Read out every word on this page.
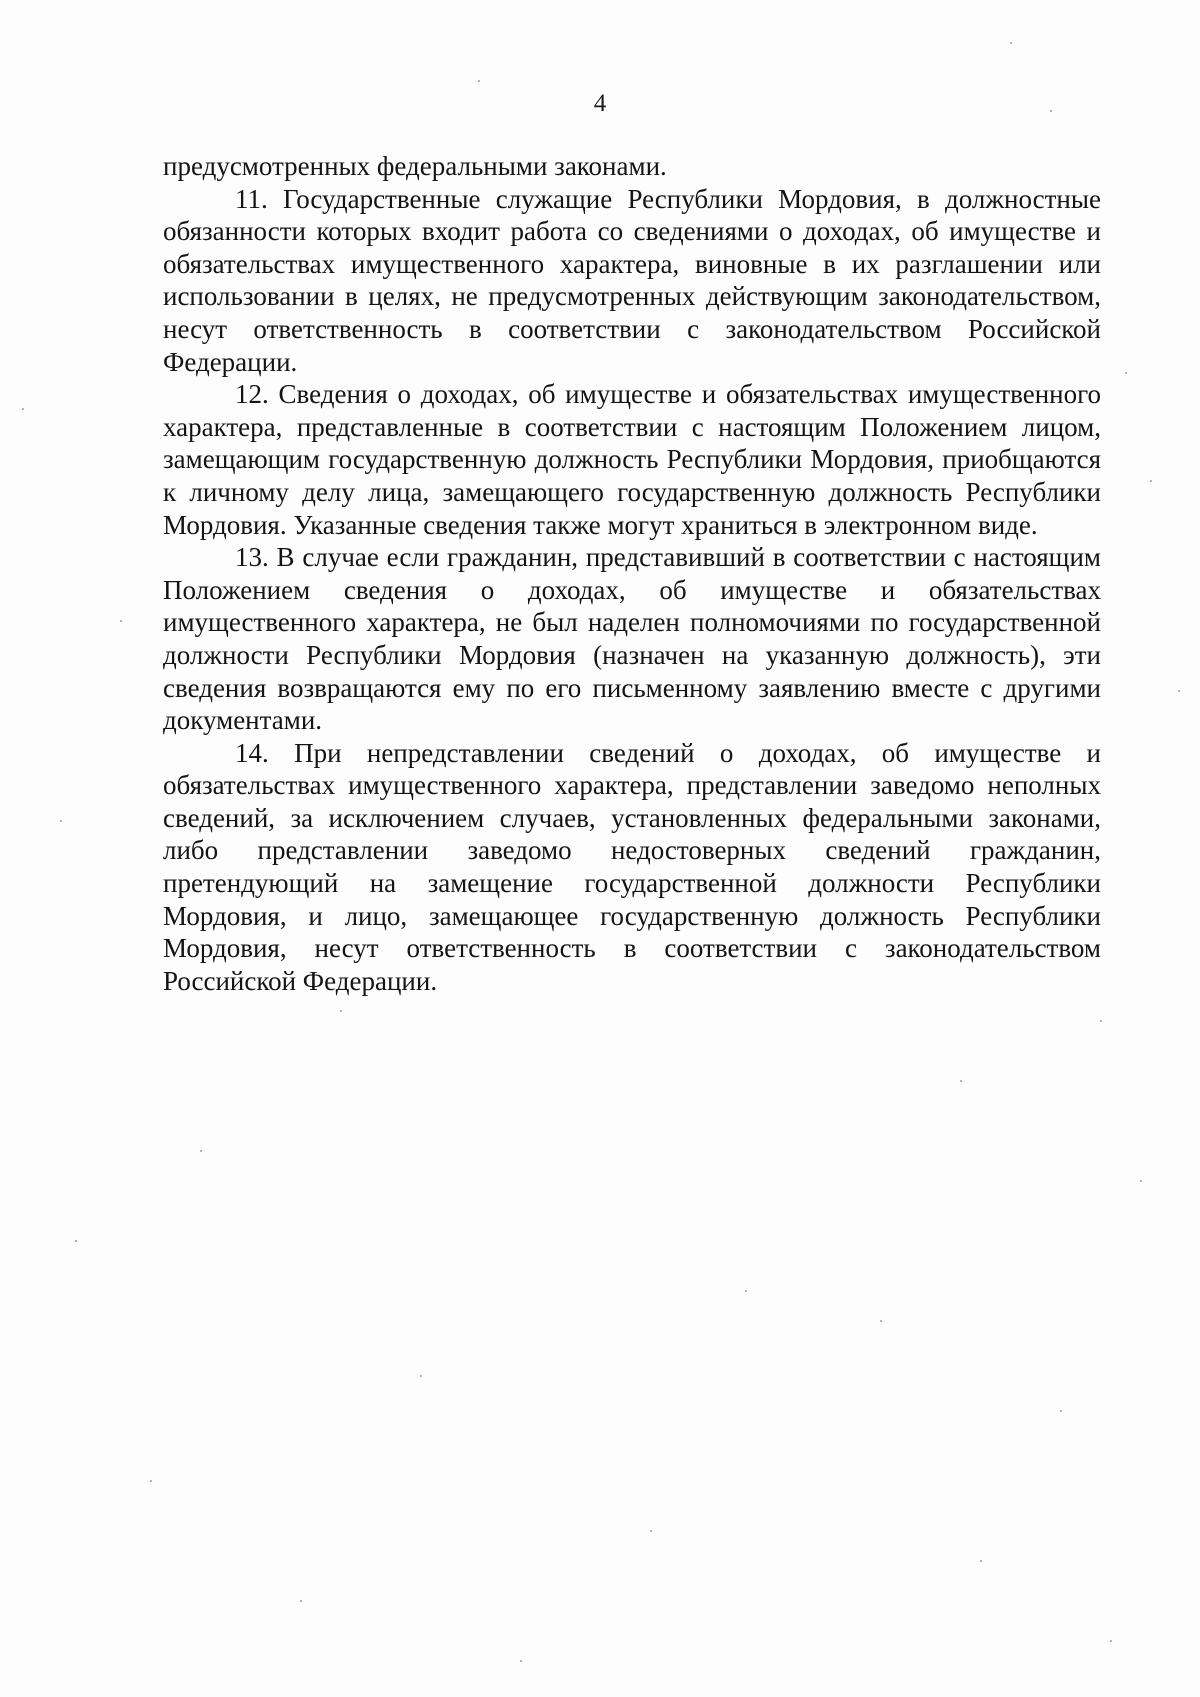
4

предусмотренных федеральными законами.

11. Государственные служащие Республики Мордовия, в должностные обязанности которых входит работа со сведениями о доходах, об имуществе и обязательствах имущественного характера, виновные в их разглашении или использовании в целях, не предусмотренных действующим законодательством, несут ответственность в соответствии с законодательством Российской Федерации.

12. Сведения о доходах, об имуществе и обязательствах имущественного характера, представленные в соответствии с настоящим Положением лицом, замещающим государственную должность Республики Мордовия, приобщаются к личному делу лица, замещающего государственную должность Республики Мордовия. Указанные сведения также могут храниться в электронном виде.

13. В случае если гражданин, представивший в соответствии с настоящим Положением сведения о доходах, об имуществе и обязательствах имущественного характера, не был наделен полномочиями по государственной должности Республики Мордовия (назначен на указанную должность), эти сведения возвращаются ему по его письменному заявлению вместе с другими документами.

14. При непредставлении сведений о доходах, об имуществе и обязательствах имущественного характера, представлении заведомо неполных сведений, за исключением случаев, установленных федеральными законами, либо представлении заведомо недостоверных сведений гражданин, претендующий на замещение государственной должности Республики Мордовия, и лицо, замещающее государственную должность Республики Мордовия, несут ответственность в соответствии с законодательством Российской Федерации.
